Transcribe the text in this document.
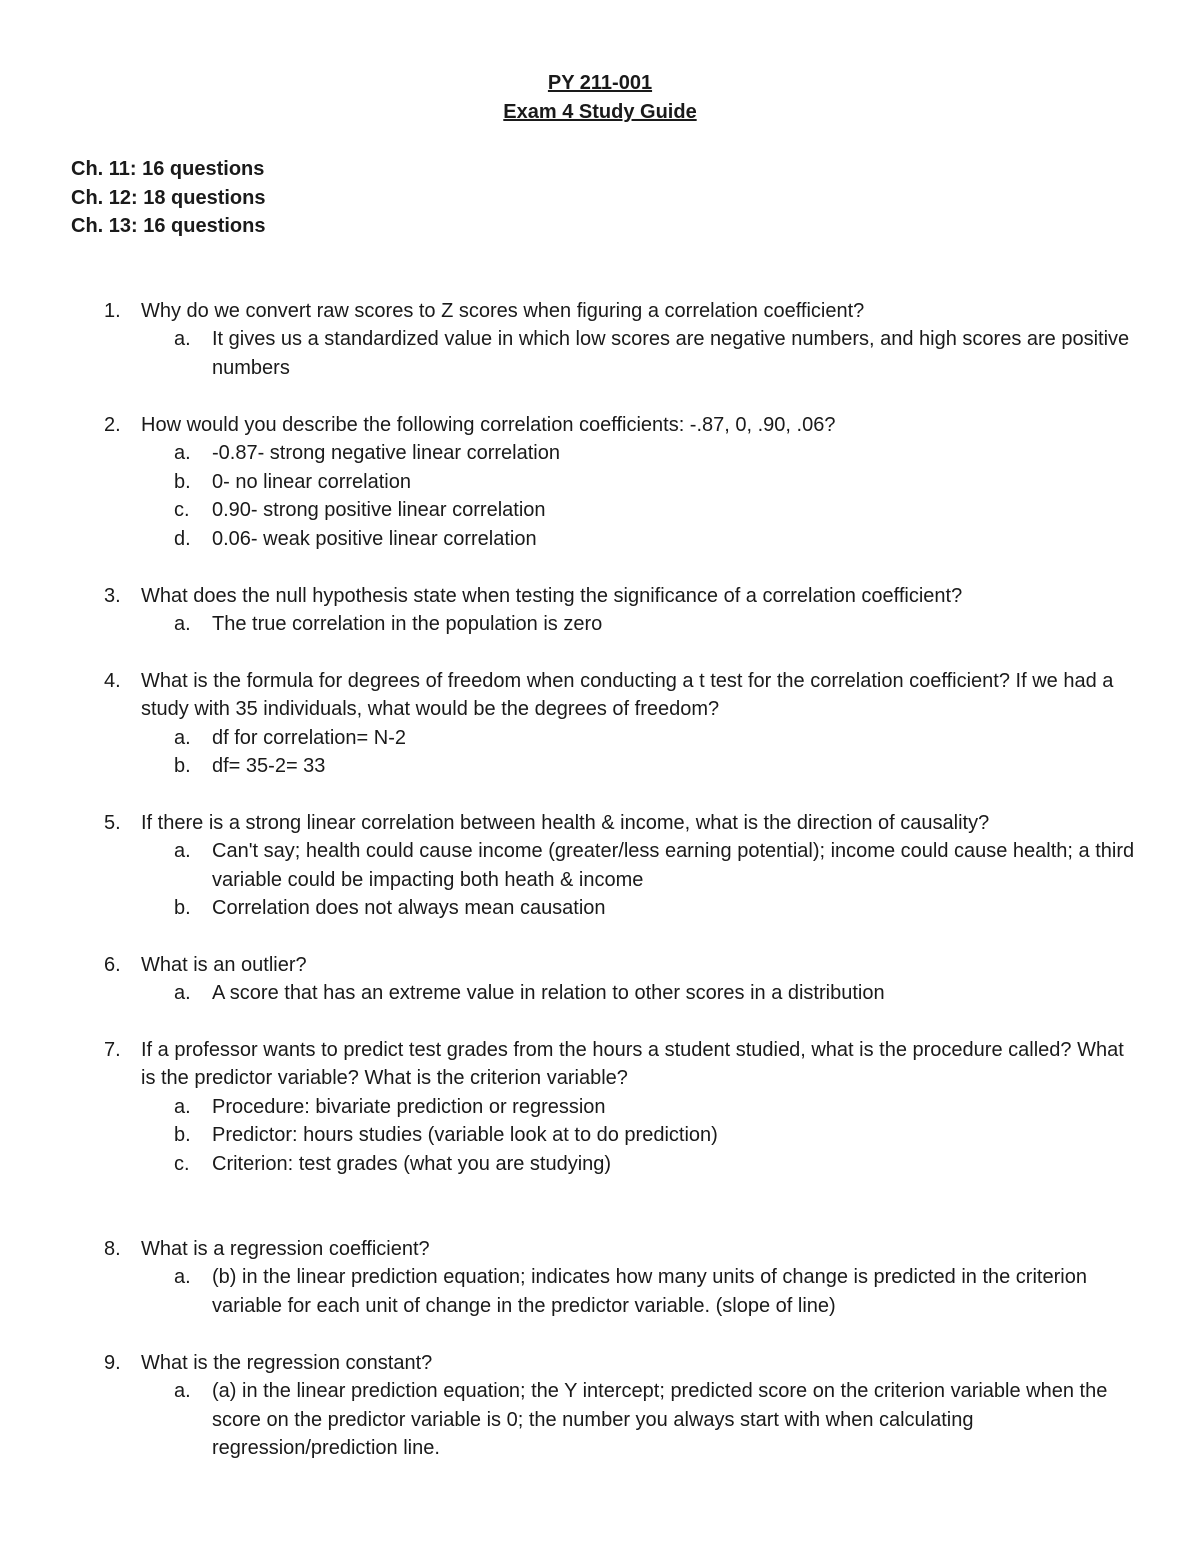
PY 211-001
Exam 4 Study Guide
Ch. 11: 16 questions
Ch. 12: 18 questions
Ch. 13: 16 questions
1.	Why do we convert raw scores to Z scores when figuring a correlation coefficient?
a. It gives us a standardized value in which low scores are negative numbers, and high scores are positive numbers
2.	How would you describe the following correlation coefficients: -.87, 0, .90, .06?
a. -0.87- strong negative linear correlation
b. 0- no linear correlation
c. 0.90- strong positive linear correlation
d. 0.06- weak positive linear correlation
3.	What does the null hypothesis state when testing the significance of a correlation coefficient?
a. The true correlation in the population is zero
4.	What is the formula for degrees of freedom when conducting a t test for the correlation coefficient? If we had a study with 35 individuals, what would be the degrees of freedom?
a. df for correlation= N-2
b. df= 35-2= 33
5.	If there is a strong linear correlation between health & income, what is the direction of causality?
a. Can't say; health could cause income (greater/less earning potential); income could cause health; a third variable could be impacting both heath & income
b. Correlation does not always mean causation
6.	What is an outlier?
a. A score that has an extreme value in relation to other scores in a distribution
7.	If a professor wants to predict test grades from the hours a student studied, what is the procedure called? What is the predictor variable? What is the criterion variable?
a. Procedure: bivariate prediction or regression
b. Predictor: hours studies (variable look at to do prediction)
c. Criterion: test grades (what you are studying)
8.	What is a regression coefficient?
a. (b) in the linear prediction equation; indicates how many units of change is predicted in the criterion variable for each unit of change in the predictor variable. (slope of line)
9.	What is the regression constant?
a. (a) in the linear prediction equation; the Y intercept; predicted score on the criterion variable when the score on the predictor variable is 0; the number you always start with when calculating regression/prediction line.
